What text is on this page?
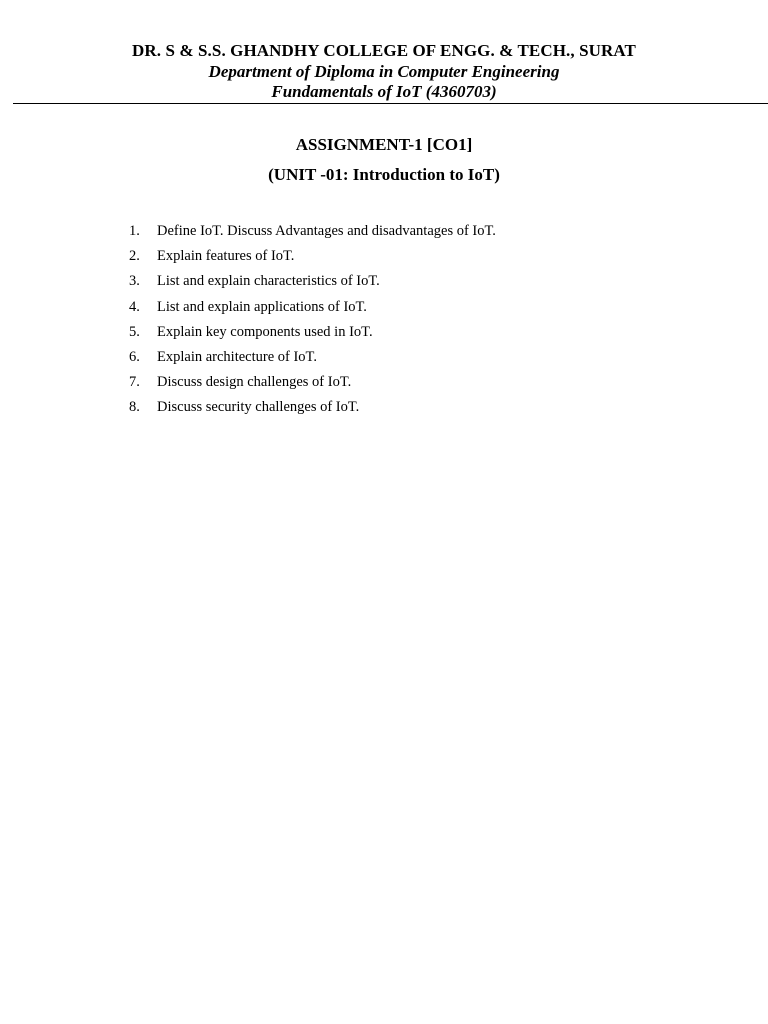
DR. S & S.S. GHANDHY COLLEGE OF ENGG. & TECH., SURAT
Department of Diploma in Computer Engineering
Fundamentals of IoT (4360703)
ASSIGNMENT-1 [CO1]
(UNIT -01: Introduction to IoT)
1. Define IoT. Discuss Advantages and disadvantages of IoT.
2. Explain features of IoT.
3. List and explain characteristics of IoT.
4. List and explain applications of IoT.
5. Explain key components used in IoT.
6. Explain architecture of IoT.
7. Discuss design challenges of IoT.
8. Discuss security challenges of IoT.
